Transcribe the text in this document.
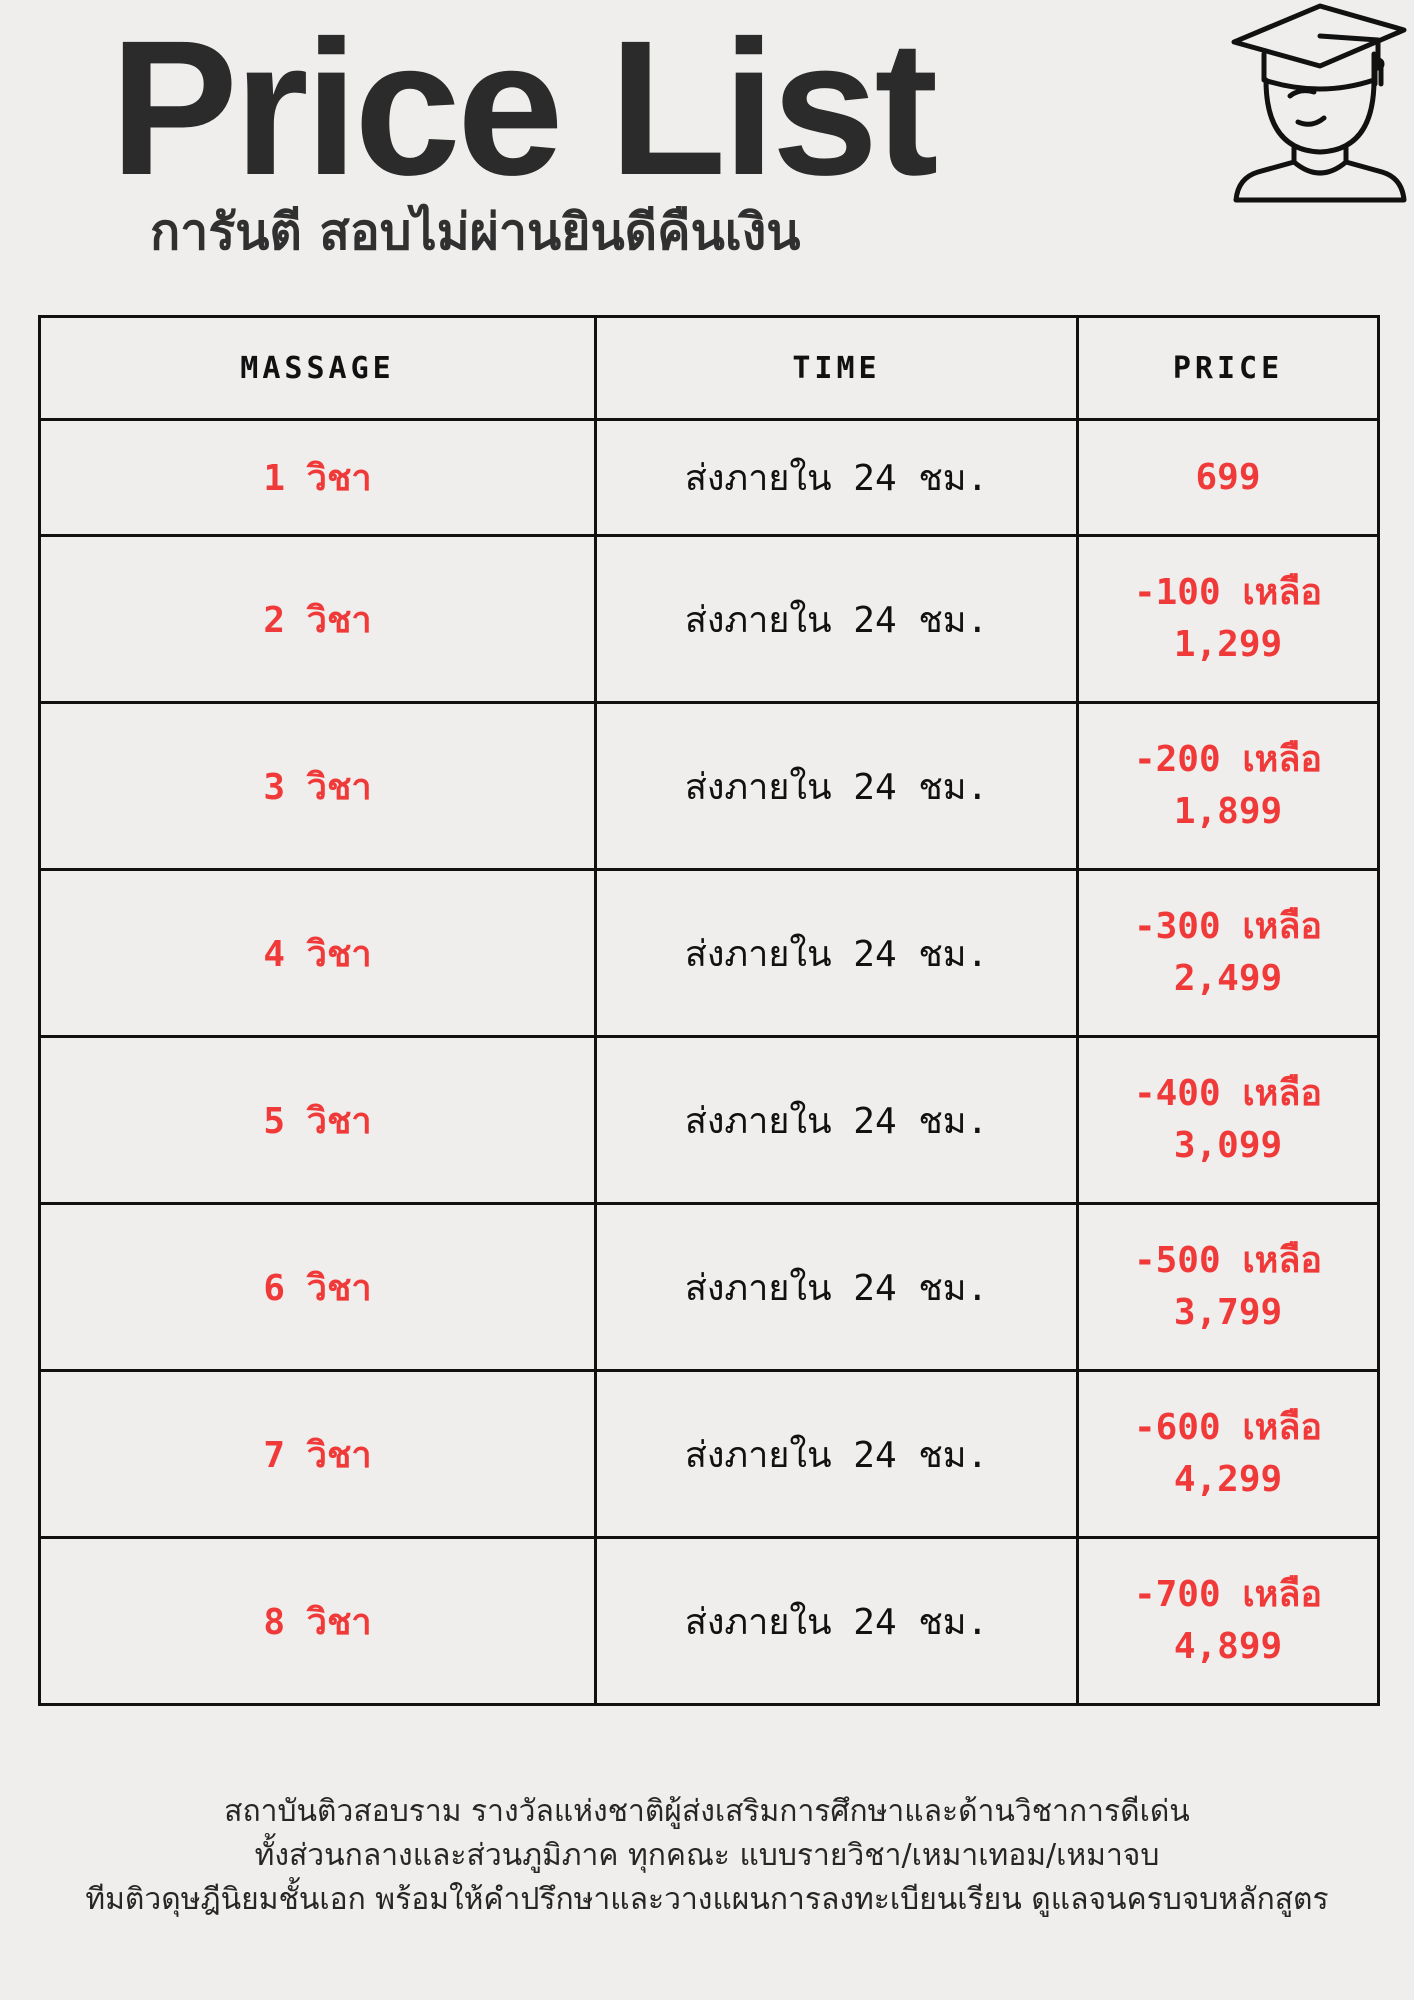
Price List
การันตี สอบไม่ผ่านยินดีคืนเงิน
MASSAGE	TIME	PRICE
1 วิชา	ส่งภายใน 24 ชม.	699

2 วิชา	ส่งภายใน 24 ชม.	-100 เหลือ
1,299

3 วิชา	ส่งภายใน 24 ชม.	-200 เหลือ
1,899

4 วิชา	ส่งภายใน 24 ชม.	-300 เหลือ
2,499

5 วิชา	ส่งภายใน 24 ชม.	-400 เหลือ
3,099

6 วิชา	ส่งภายใน 24 ชม.	-500 เหลือ
3,799

7 วิชา	ส่งภายใน 24 ชม.	-600 เหลือ
4,299

8 วิชา	ส่งภายใน 24 ชม.	-700 เหลือ
4,899
สถาบันติวสอบราม รางวัลแห่งชาติผู้ส่งเสริมการศึกษาและด้านวิชาการดีเด่น
ทั้งส่วนกลางและส่วนภูมิภาค ทุกคณะ แบบรายวิชา/เหมาเทอม/เหมาจบ
ทีมติวดุษฎีนิยมชั้นเอก พร้อมให้คำปรึกษาและวางแผนการลงทะเบียนเรียน ดูแลจนครบจบหลักสูตร
